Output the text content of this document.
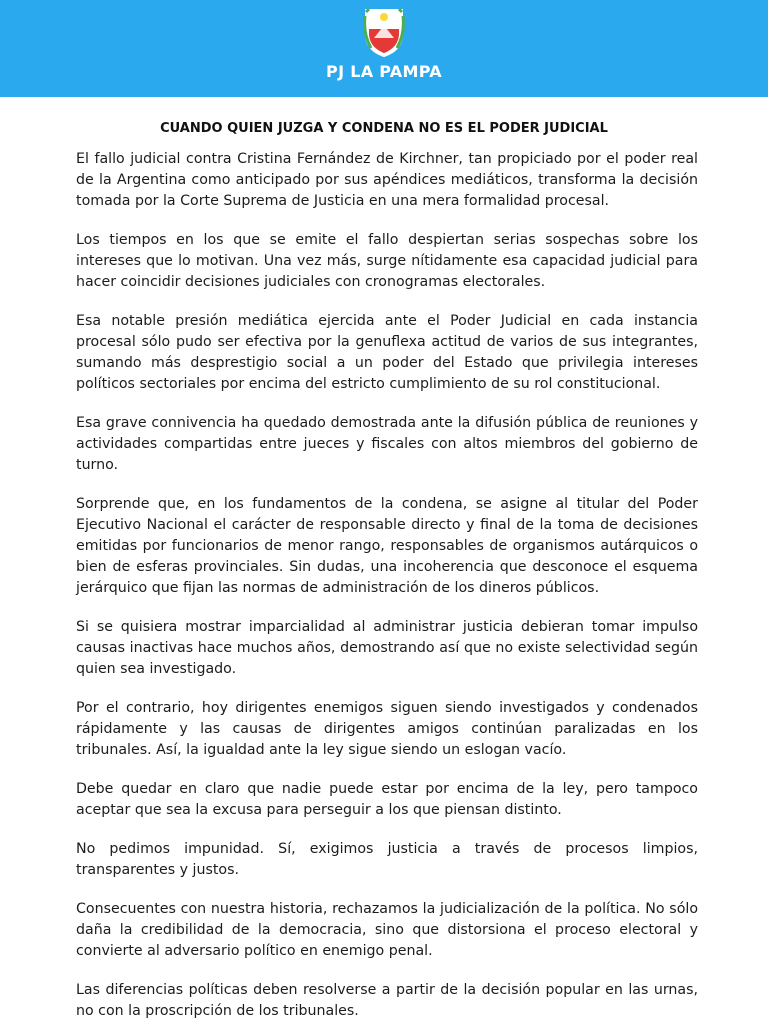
PJ LA PAMPA
CUANDO QUIEN JUZGA Y CONDENA NO ES EL PODER JUDICIAL

El fallo judicial contra Cristina Fernández de Kirchner, tan propiciado por el poder real de la Argentina como anticipado por sus apéndices mediáticos, transforma la decisión tomada por la Corte Suprema de Justicia en una mera formalidad procesal.

Los tiempos en los que se emite el fallo despiertan serias sospechas sobre los intereses que lo motivan. Una vez más, surge nítidamente esa capacidad judicial para hacer coincidir decisiones judiciales con cronogramas electorales.

Esa notable presión mediática ejercida ante el Poder Judicial en cada instancia procesal sólo pudo ser efectiva por la genuflexa actitud de varios de sus integrantes, sumando más desprestigio social a un poder del Estado que privilegia intereses políticos sectoriales por encima del estricto cumplimiento de su rol constitucional.

Esa grave connivencia ha quedado demostrada ante la difusión pública de reuniones y actividades compartidas entre jueces y fiscales con altos miembros del gobierno de turno.

Sorprende que, en los fundamentos de la condena, se asigne al titular del Poder Ejecutivo Nacional el carácter de responsable directo y final de la toma de decisiones emitidas por funcionarios de menor rango, responsables de organismos autárquicos o bien de esferas provinciales. Sin dudas, una incoherencia que desconoce el esquema jerárquico que fijan las normas de administración de los dineros públicos.

Si se quisiera mostrar imparcialidad al administrar justicia debieran tomar impulso causas inactivas hace muchos años, demostrando así que no existe selectividad según quien sea investigado.

Por el contrario, hoy dirigentes enemigos siguen siendo investigados y condenados rápidamente y las causas de dirigentes amigos continúan paralizadas en los tribunales. Así, la igualdad ante la ley sigue siendo un eslogan vacío.

Debe quedar en claro que nadie puede estar por encima de la ley, pero tampoco aceptar que sea la excusa para perseguir a los que piensan distinto.

No pedimos impunidad. Sí, exigimos justicia a través de procesos limpios, transparentes y justos.

Consecuentes con nuestra historia, rechazamos la judicialización de la política. No sólo daña la credibilidad de la democracia, sino que distorsiona el proceso electoral y convierte al adversario político en enemigo penal.

Las diferencias políticas deben resolverse a partir de la decisión popular en las urnas, no con la proscripción de los tribunales.
